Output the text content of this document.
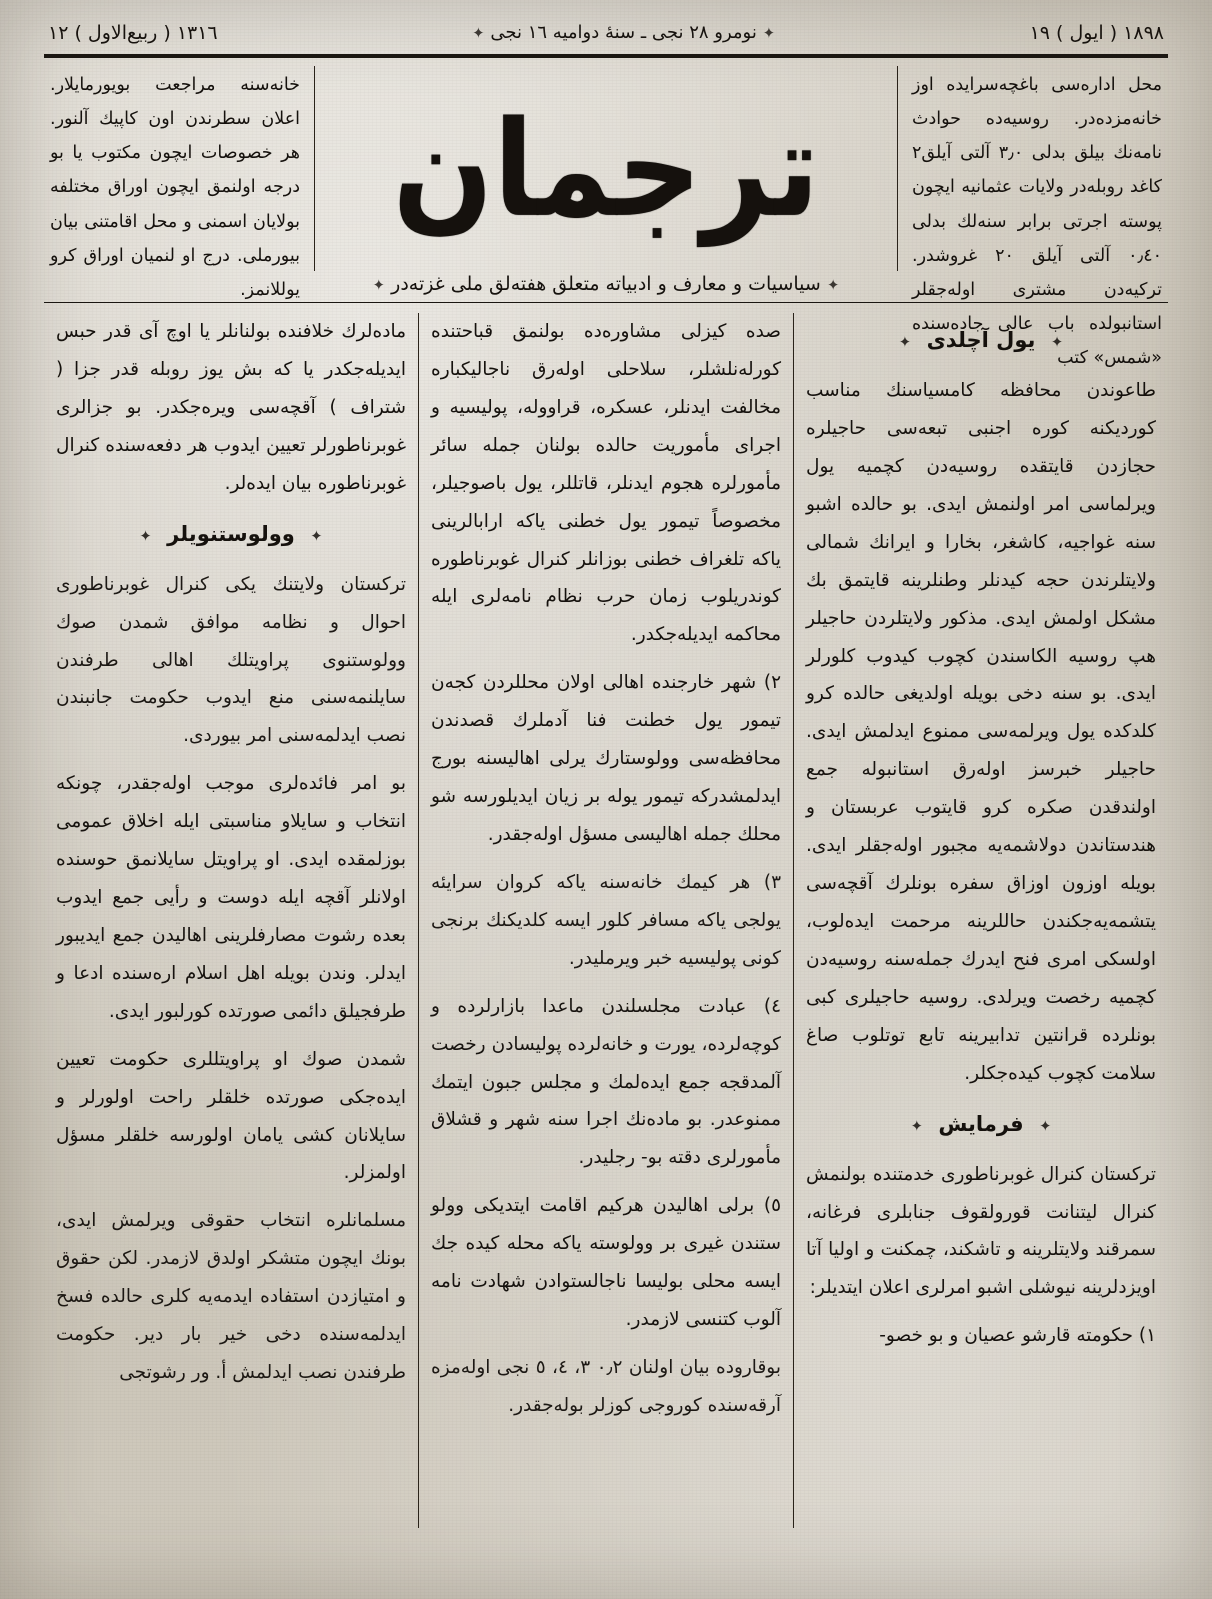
۱۸۹۸ ( ایول ) ۱۹
✦ نومرو ۲۸ نجی ـ سنۀ دوامیه ۱٦ نجی ✦
۱۳۱٦ ( ربیع‌الاول ) ۱۲
محل ادارەسی باغچەسرایده اوز خانەمزدەدر. روسیەده حوادث نامەنك بیلق بدلی ۳٫۰ آلتی آیلق۲ كاغد روبلەدر ولایات عثمانیه ایچون پوسته اجرتی برابر سنەلك بدلی ۰٫٤۰ آلتی آیلق ۲۰ غروشدر. تركیەدن مشتری اولەجقلر استانبولده باب عالی جادەسنده «شمس» كتب
ترجمان
خانەسنه مراجعت بویورمایلار. اعلان سطرندن اون كاپیك آلنور. هر خصوصات ایچون مكتوب یا بو درجه اولنمق ایچون اوراق مختلفه بولایان اسمنی و محل اقامتنی بیان بیورملی. درج او لنمیان اوراق كرو یوللانمز.	✦ سیاسیات و معارف و ادبیاته متعلق هفتەلق ملی غزتەدر ✦
✦ یول آچلدی ✦

طاعوندن محافظه كامسیاسنك مناسب كورديكنه كوره اجنبی تبعەسی حاجیلره حجازدن قایتقده روسیەدن كچمیه یول ویرلماسی امر اولنمش ایدی. بو حالده اشبو سنه غواجیه، كاشغر، بخارا و ایرانك شمالی ولایتلرندن حجه كیدنلر وطنلرینه قایتمق بك مشكل اولمش ایدی. مذكور ولایتلردن حاجیلر هپ روسیه الكاسندن كچوب كیدوب كلورلر ایدی. بو سنه دخی بویله اولدیغی حالده كرو كلدكده یول ویرلمەسی ممنوع ایدلمش ایدی. حاجیلر خبرسز اولەرق استانبوله جمع اولندقدن صكره كرو قایتوب عربستان و هندستاندن دولاشمەیه مجبور اولەجقلر ایدی. بویله اوزون اوزاق سفره بونلرك آقچەسی یتشمەیەجكندن حاللرینه مرحمت ایدەلوب، اولسكی امری فنح ایدرك جملەسنه روسیەدن كچمیه رخصت ویرلدی. روسیه حاجیلری كبی بونلرده قرانتین تدابیرینه تابع توتلوب صاغ سلامت كچوب كیدەجكلر.

✦ فرمایش ✦

تركستان كنرال غوبرناطوری خدمتنده بولنمش كنرال لیتنانت قورولقوف جنابلری فرغانه، سمرقند ولایتلرینه و تاشكند، چمكنت و اولیا آتا اویزدلرینه نیوشلی اشبو امرلری اعلان ایتدیلر:

۱) حكومته قارشو عصیان و بو خصو-

صده كیزلی مشاورەده بولنمق قباحتنده كورلەنلشلر، سلاحلی اولەرق ناجالیكباره مخالفت ایدنلر، عسكره، قراوولە، پولیسیه و اجرای مأموریت حالده بولنان جمله سائر مأمورلره هجوم ایدنلر، قاتللر، یول باصوجیلر، مخصوصاً تیمور یول خطنی یاكه ارابالرینی یاكه تلغراف خطنی بوزانلر كنرال غوبرناطوره كوندریلوب زمان حرب نظام نامەلری ایله محاكمه ایدیلەجكدر.

۲) شهر خارجنده اهالی اولان محللردن كجەن تیمور یول خطنت فنا آدملرك قصدندن محافظەسی وولوستارك یرلی اهالیسنه بورج ایدلمشدركه تیمور یوله بر زیان ایدیلورسه شو محلك جمله اهالیسی مسؤل اولەجقدر.

۳) هر كیمك خانەسنه یاكه كروان سرایئه یولجی یاكه مسافر كلور ایسه كلدیكنك برنجی كونی پولیسیه خبر ویرملیدر.

٤) عبادت مجلسلندن ماعدا بازارلرده و كوچەلرده، یورت و خانەلرده پولیسادن رخصت آلمدقجه جمع ایدەلمك و مجلس جبون ایتمك ممنوعدر. بو مادەنك اجرا سنه شهر و قشلاق مأمورلری دقته بو- رجلیدر.

٥) برلی اهالیدن هركیم اقامت ایتدیكی وولو ستندن غیری بر وولوسته یاكه محله كیده جك ایسه محلی بولیسا ناجالستوادن شهادت نامه آلوب كتنسی لازمدر.

بوقاروده بیان اولنان ۰٫۲ ۳، ٤، ٥ نجی اولەمزه آرقەسنده كوروجی كوزلر بولەجقدر.

مادەلرك خلافنده بولنانلر یا اوچ آی قدر حبس ایدیلەجكدر یا كه بش یوز روبله قدر جزا ( شتراف ) آقچەسی ویرەجكدر. بو جزالری غوبرناطورلر تعیین ایدوب هر دفعەسنده كنرال غوبرناطوره بیان ایدەلر.

✦ وولوستنویلر ✦

تركستان ولایتنك یكی كنرال غوبرناطوری احوال و نظامه موافق شمدن صوك وولوستنوی پراویتلك اهالی طرفندن سایلنمەسنی منع ایدوب حكومت جانبندن نصب ایدلمەسنی امر بیوردی.

بو امر فائدەلری موجب اولەجقدر، چونكه انتخاب و سایلاو مناسبتی ایله اخلاق عمومی بوزلمقده ایدی. او پراویتل سایلانمق حوسنده اولانلر آقچه ایله دوست و رأیی جمع ایدوب بعده رشوت مصارفلرینی اهالیدن جمع ایدیبور ایدلر. وندن بویله اهل اسلام ارەسنده ادعا و طرفجیلق دائمی صورتده كورلبور ایدی.

شمدن صوك او پراویتللری حكومت تعیین ایدەجكی صورتده خلقلر راحت اولورلر و سایلانان كشی یامان اولورسه خلقلر مسؤل اولمزلر.

مسلمانلره انتخاب حقوقی ویرلمش ایدی، بونك ایچون متشكر اولدق لازمدر. لكن حقوق و امتیازدن استفاده ایدمەیه كلری حالده فسخ ایدلمەسنده دخی خیر بار دیر. حكومت طرفندن نصب ایدلمش أ. ور رشوتجی
